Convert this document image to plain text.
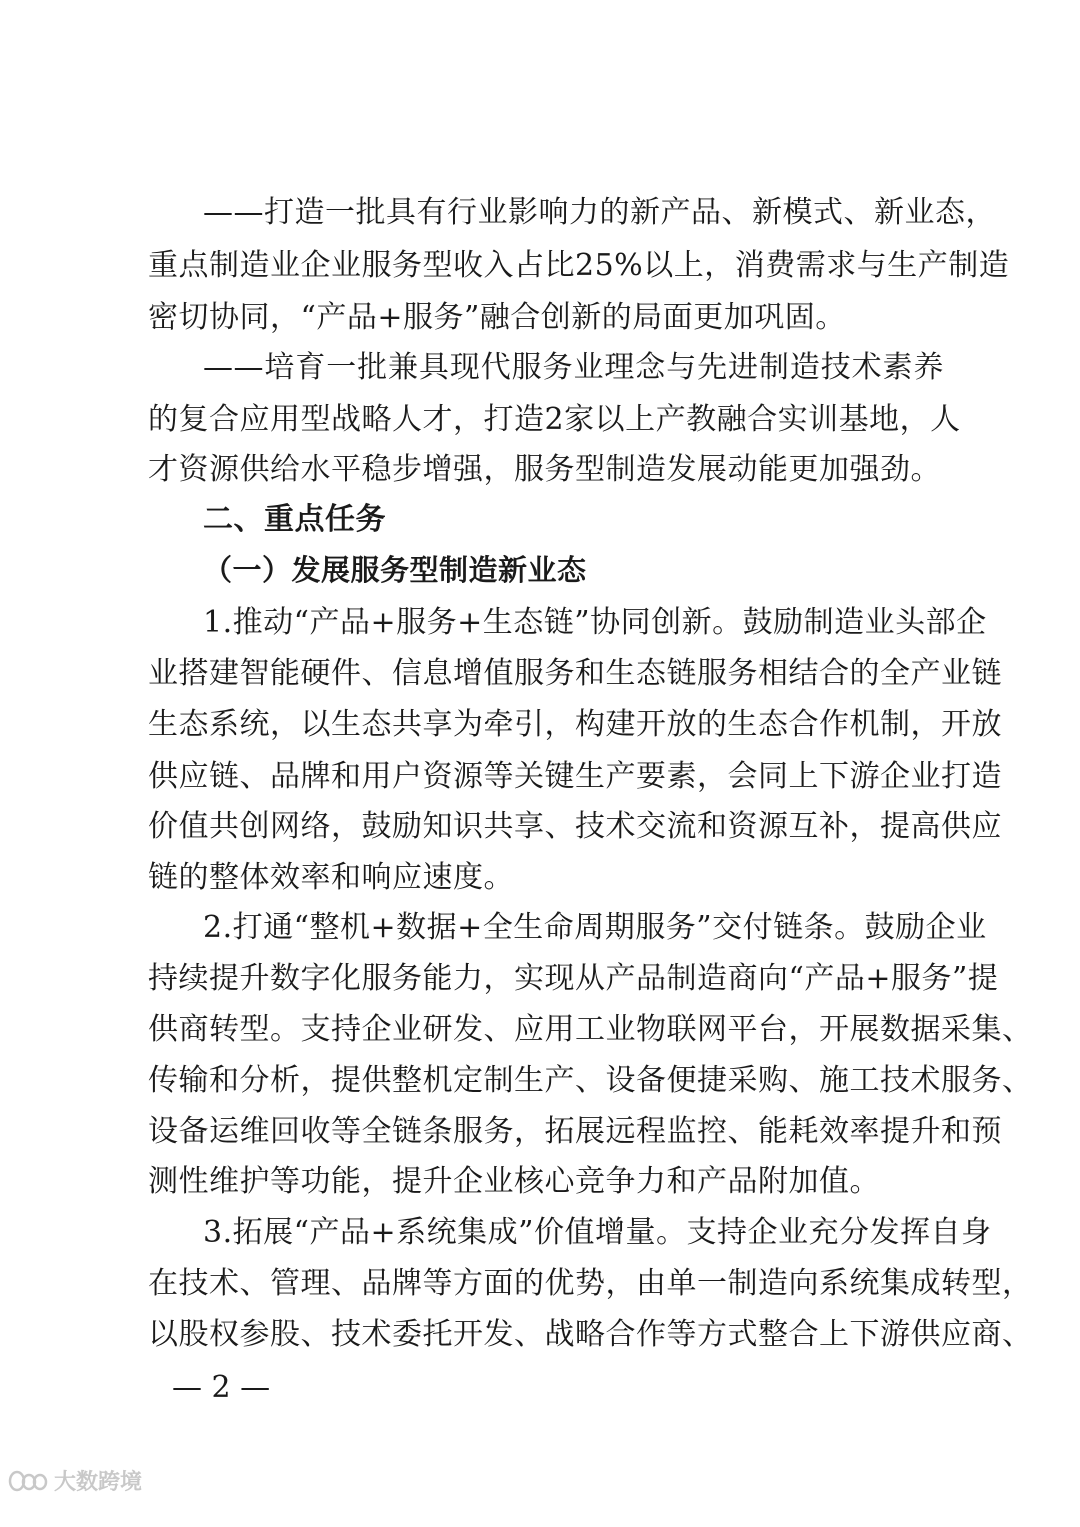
—— 打 造 一 批 具 有 行 业 影 响 力 的 新 产 品 、 新 模 式 、 新 业 态 ，
重 点 制 造 业 企 业 服 务 型 收 入 占 比 25% 以 上 ， 消 费 需 求 与 生 产 制 造
密切协同，“产品+服务”融合创新的局面更加巩固。
—— 培 育 一 批 兼 具 现 代 服 务 业 理 念 与 先 进 制 造 技 术 素 养
的 复 合 应 用 型 战 略 人 才 ， 打 造 2 家 以 上 产 教 融 合 实 训 基 地 ， 人
才资源供给水平稳步增强，服务型制造发展动能更加强劲。
二、重点任务
（一）发展服务型制造新业态
1. 推 动 “ 产 品 + 服 务 + 生 态 链 ” 协 同 创 新 。 鼓 励 制 造 业 头 部 企
业 搭 建 智 能 硬 件 、 信 息 增 值 服 务 和 生 态 链 服 务 相 结 合 的 全 产 业 链
生 态 系 统 ， 以 生 态 共 享 为 牵 引 ， 构 建 开 放 的 生 态 合 作 机 制 ， 开 放
供 应 链 、 品 牌 和 用 户 资 源 等 关 键 生 产 要 素 ， 会 同 上 下 游 企 业 打 造
价 值 共 创 网 络 ， 鼓 励 知 识 共 享 、 技 术 交 流 和 资 源 互 补 ， 提 高 供 应
链的整体效率和响应速度。
2. 打 通 “ 整 机 + 数 据 + 全 生 命 周 期 服 务 ” 交 付 链 条 。 鼓 励 企 业
持 续 提 升 数 字 化 服 务 能 力 ， 实 现 从 产 品 制 造 商 向 “ 产 品 + 服 务 ” 提
供 商 转 型 。 支 持 企 业 研 发 、 应 用 工 业 物 联 网 平 台 ， 开 展 数 据 采 集 、
传 输 和 分 析 ， 提 供 整 机 定 制 生 产 、 设 备 便 捷 采 购 、 施 工 技 术 服 务 、
设 备 运 维 回 收 等 全 链 条 服 务 ， 拓 展 远 程 监 控 、 能 耗 效 率 提 升 和 预
测性维护等功能，提升企业核心竞争力和产品附加值。
3. 拓 展 “ 产 品 + 系 统 集 成 ” 价 值 增 量 。 支 持 企 业 充 分 发 挥 自 身
在 技 术 、 管 理 、 品 牌 等 方 面 的 优 势 ， 由 单 一 制 造 向 系 统 集 成 转 型 ，
以 股 权 参 股 、 技 术 委 托 开 发 、 战 略 合 作 等 方 式 整 合 上 下 游 供 应 商 、
— 2 —
大数跨境
